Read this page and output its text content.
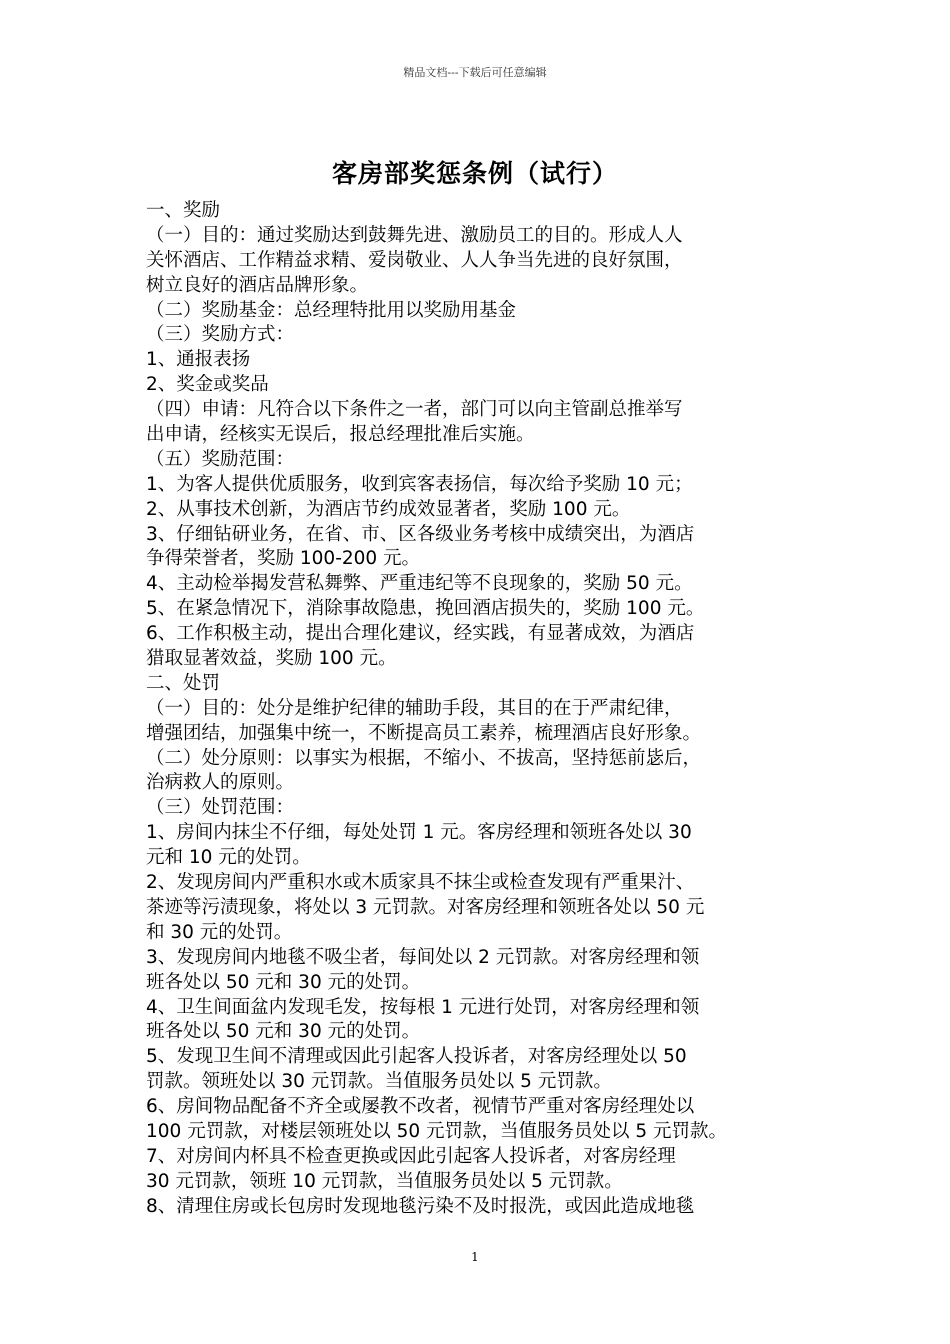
精品文档---下载后可任意编辑
客房部奖惩条例（试行）
一、奖励
（一）目的：通过奖励达到鼓舞先进、激励员工的目的。形成人人
关怀酒店、工作精益求精、爱岗敬业、人人争当先进的良好氛围，
树立良好的酒店品牌形象。
（二）奖励基金：总经理特批用以奖励用基金
（三）奖励方式：
1、通报表扬
2、奖金或奖品
（四）申请：凡符合以下条件之一者，部门可以向主管副总推举写
出申请，经核实无误后，报总经理批准后实施。
（五）奖励范围：
1、为客人提供优质服务，收到宾客表扬信，每次给予奖励 10 元；
2、从事技术创新，为酒店节约成效显著者，奖励 100 元。
3、仔细钻研业务，在省、市、区各级业务考核中成绩突出，为酒店
争得荣誉者，奖励 100-200 元。
4、主动检举揭发营私舞弊、严重违纪等不良现象的，奖励 50 元。
5、在紧急情况下，消除事故隐患，挽回酒店损失的，奖励 100 元。
6、工作积极主动，提出合理化建议，经实践，有显著成效，为酒店
猎取显著效益，奖励 100 元。
二、处罚
（一）目的：处分是维护纪律的辅助手段，其目的在于严肃纪律，
增强团结，加强集中统一，不断提高员工素养，梳理酒店良好形象。
（二）处分原则：以事实为根据，不缩小、不拔高，坚持惩前毖后，
治病救人的原则。
（三）处罚范围：
1、房间内抹尘不仔细，每处处罚 1 元。客房经理和领班各处以 30
元和 10 元的处罚。
2、发现房间内严重积水或木质家具不抹尘或检查发现有严重果汁、
茶迹等污渍现象，将处以 3 元罚款。对客房经理和领班各处以 50 元
和 30 元的处罚。
3、发现房间内地毯不吸尘者，每间处以 2 元罚款。对客房经理和领
班各处以 50 元和 30 元的处罚。
4、卫生间面盆内发现毛发，按每根 1 元进行处罚，对客房经理和领
班各处以 50 元和 30 元的处罚。
5、发现卫生间不清理或因此引起客人投诉者，对客房经理处以 50
罚款。领班处以 30 元罚款。当值服务员处以 5 元罚款。
6、房间物品配备不齐全或屡教不改者，视情节严重对客房经理处以
100 元罚款，对楼层领班处以 50 元罚款，当值服务员处以 5 元罚款。
7、对房间内杯具不检查更换或因此引起客人投诉者，对客房经理
30 元罚款，领班 10 元罚款，当值服务员处以 5 元罚款。
8、清理住房或长包房时发现地毯污染不及时报洗，或因此造成地毯
1
